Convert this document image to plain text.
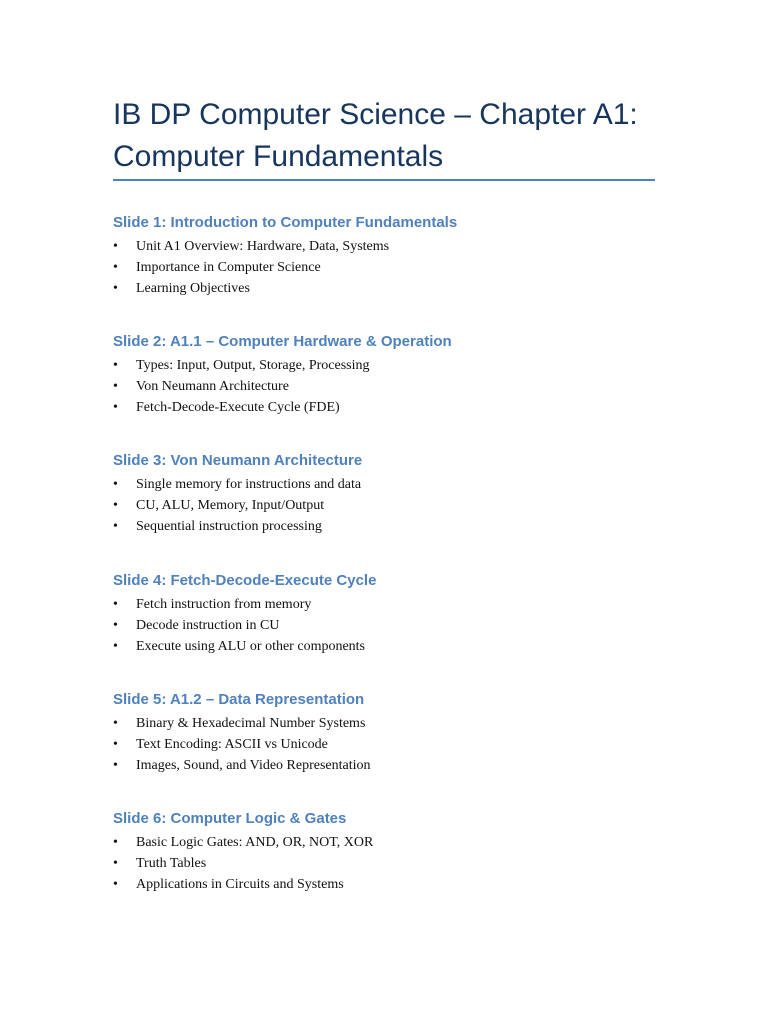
IB DP Computer Science – Chapter A1: Computer Fundamentals
Slide 1: Introduction to Computer Fundamentals
•	Unit A1 Overview: Hardware, Data, Systems
•	Importance in Computer Science
•	Learning Objectives
Slide 2: A1.1 – Computer Hardware & Operation
•	Types: Input, Output, Storage, Processing
•	Von Neumann Architecture
•	Fetch-Decode-Execute Cycle (FDE)
Slide 3: Von Neumann Architecture
•	Single memory for instructions and data
•	CU, ALU, Memory, Input/Output
•	Sequential instruction processing
Slide 4: Fetch-Decode-Execute Cycle
•	Fetch instruction from memory
•	Decode instruction in CU
•	Execute using ALU or other components
Slide 5: A1.2 – Data Representation
•	Binary & Hexadecimal Number Systems
•	Text Encoding: ASCII vs Unicode
•	Images, Sound, and Video Representation
Slide 6: Computer Logic & Gates
•	Basic Logic Gates: AND, OR, NOT, XOR
•	Truth Tables
•	Applications in Circuits and Systems
